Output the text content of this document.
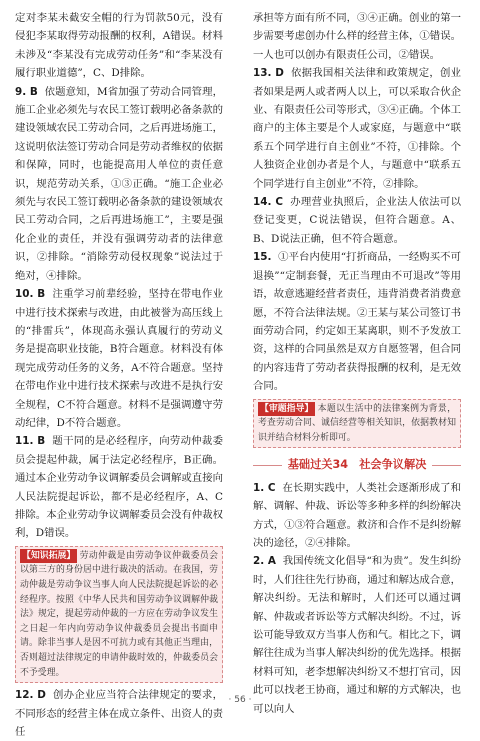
定对李某未截安全帽的行为罚款50元，没有侵犯李某取得劳动报酬的权利，A错误。材料未涉及“李某没有完成劳动任务”和“李某没有履行职业道德”，C、D排除。

9. B 依题意知，M省加强了劳动合同管理，施工企业必须先与农民工签订载明必备条款的建设领域农民工劳动合同，之后再进场施工，这说明依法签订劳动合同是劳动者维权的依据和保障，同时，也能提高用人单位的责任意识，规范劳动关系，①③正确。“施工企业必须先与农民工签订载明必备条款的建设领域农民工劳动合同，之后再进场施工”，主要是强化企业的责任，并没有强调劳动者的法律意识，②排除。“消除劳动侵权现象”说法过于绝对，④排除。

10. B 注重学习前辈经验，坚持在带电作业中进行技术探索与改进，由此被誉为高压线上的“排雷兵”，体现高永强认真履行的劳动义务是提高职业技能，B符合题意。材料没有体现完成劳动任务的义务，A不符合题意。坚持在带电作业中进行技术探索与改进不是执行安全规程，C不符合题意。材料不是强调遵守劳动纪律，D不符合题意。

11. B 题干同的是必经程序，向劳动仲裁委员会提起仲裁，属于法定必经程序，B正确。通过本企业劳动争议调解委员会调解或直接向人民法院提起诉讼，都不是必经程序，A、C排除。本企业劳动争议调解委员会没有仲裁权利，D错误。

【知识拓展】 劳动仲裁是由劳动争议仲裁委员会以第三方的身份居中进行裁决的活动。在我国，劳动仲裁是劳动争议当事人向人民法院提起诉讼的必经程序。按照《中华人民共和国劳动争议调解仲裁法》规定，提起劳动仲裁的一方应在劳动争议发生之日起一年内向劳动争议仲裁委员会提出书面申请。除非当事人是因不可抗力或有其他正当理由，否则超过法律规定的申请仲裁时效的，仲裁委员会不予受理。

12. D 创办企业应当符合法律规定的要求，不同形态的经营主体在成立条件、出资人的责任

承担等方面有所不同，③④正确。创业的第一步需要考虑创办什么样的经营主体，①错误。一人也可以创办有限责任公司，②错误。

13. D 依据我国相关法律和政策规定，创业者如果是两人或者两人以上，可以采取合伙企业、有限责任公司等形式，③④正确。个体工商户的主体主要是个人或家庭，与题意中“联系五个同学进行自主创业”不符，①排除。个人独资企业创办者是个人，与题意中“联系五个同学进行自主创业”不符，②排除。

14. C 办理营业执照后，企业法人依法可以登记变更，C说法错误，但符合题意。A、B、D说法正确，但不符合题意。

15. ①平台内使用“打折商品，一经购买不可退换”“定制套餐，无正当理由不可退改”等用语，故意逃避经营者责任，违背消费者消费意愿，不符合法律法规。②王某与某公司签订书面劳动合同，约定如王某离职，则不予发放工资，这样的合同虽然是双方自愿签署，但合同的内容违背了劳动者获得报酬的权利，是无效合同。

【审题指导】 本题以生活中的法律案例为背景，考查劳动合同、诚信经营等相关知识，依据教材知识并结合材料分析即可。
基础过关34　社会争议解决

1. C 在长期实践中，人类社会逐渐形成了和解、调解、仲裁、诉讼等多种多样的纠纷解决方式，①③符合题意。救济和合作不是纠纷解决的途径，②④排除。

2. A 我国传统文化倡导“和为贵”。发生纠纷时，人们往往先行协商，通过和解达成合意，解决纠纷。无法和解时，人们还可以通过调解、仲裁或者诉讼等方式解决纠纷。不过，诉讼可能导致双方当事人伤和气。相比之下，调解往往成为当事人解决纠纷的优先选择。根据材料可知，老李想解决纠纷又不想打官司，因此可以找老王协商，通过和解的方式解决，也可以向人

· 56 ·
